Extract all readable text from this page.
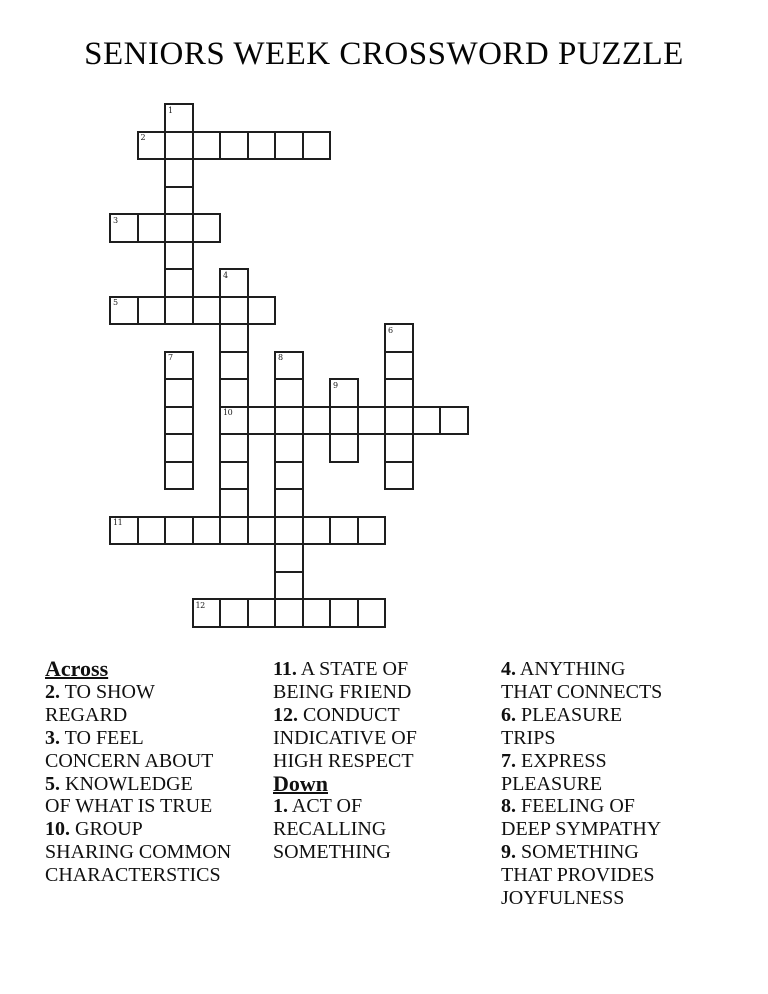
SENIORS WEEK CROSSWORD PUZZLE
1
2
3
4
10
5
6
7	8
9
11
12
Across
2. TO SHOW
REGARD
3. TO FEEL
CONCERN ABOUT
5. KNOWLEDGE
OF WHAT IS TRUE
10. GROUP
SHARING COMMON
CHARACTERSTICS
11. A STATE OF
BEING FRIEND
12. CONDUCT
INDICATIVE OF
HIGH RESPECT
Down
1. ACT OF
RECALLING
SOMETHING
4. ANYTHING
THAT CONNECTS
6. PLEASURE
TRIPS
7. EXPRESS
PLEASURE
8. FEELING OF
DEEP SYMPATHY
9. SOMETHING
THAT PROVIDES
JOYFULNESS
